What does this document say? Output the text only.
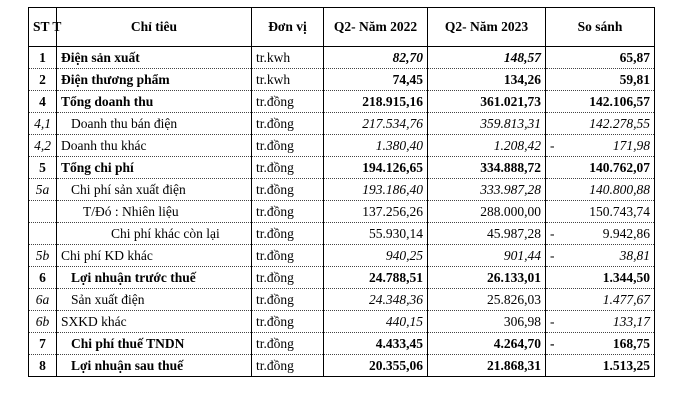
ST T	Chỉ tiêu	Đơn vị	Q2- Năm 2022	Q2- Năm 2023	So sánh
1	Điện sản xuất	tr.kwh	82,70	148,57	65,87
2	Điện thương phẩm	tr.kwh	74,45	134,26	59,81
4	Tổng doanh thu	tr.đồng	218.915,16	361.021,73	142.106,57
4,1	Doanh thu bán điện	tr.đồng	217.534,76	359.813,31	142.278,55
4,2	Doanh thu khác	tr.đồng	1.380,40	1.208,42	- 171,98
5	Tổng chi phí	tr.đồng	194.126,65	334.888,72	140.762,07
5a	Chi phí sản xuất điện	tr.đồng	193.186,40	333.987,28	140.800,88
	T/Đó : Nhiên liệu	tr.đồng	137.256,26	288.000,00	150.743,74
	Chi phí khác còn lại	tr.đồng	55.930,14	45.987,28	- 9.942,86
5b	Chi phí KD khác	tr.đồng	940,25	901,44	- 38,81
6	Lợi nhuận trước thuế	tr.đồng	24.788,51	26.133,01	1.344,50
6a	Sản xuất điện	tr.đồng	24.348,36	25.826,03	1.477,67
6b	SXKD khác	tr.đồng	440,15	306,98	- 133,17
7	Chi phí thuế TNDN	tr.đồng	4.433,45	4.264,70	- 168,75
8	Lợi nhuận sau thuế	tr.đồng	20.355,06	21.868,31	1.513,25
